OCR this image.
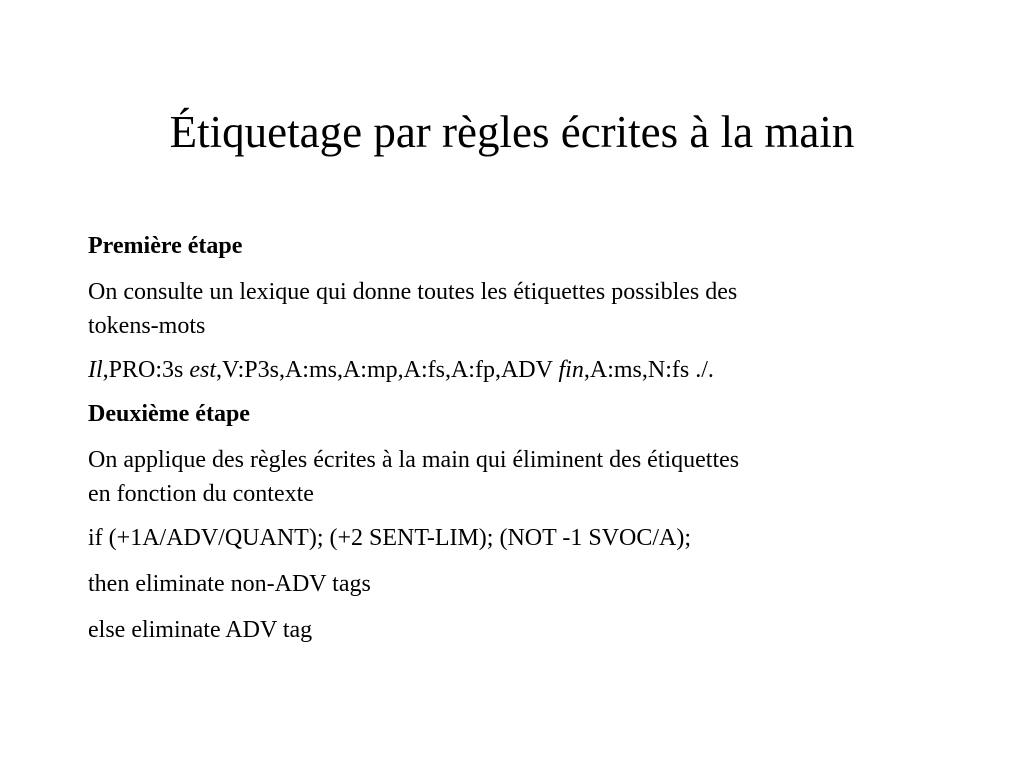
Étiquetage par règles écrites à la main

Première étape

On consulte un lexique qui donne toutes les étiquettes possibles des
tokens-mots

Il,PRO:3s est,V:P3s,A:ms,A:mp,A:fs,A:fp,ADV fin,A:ms,N:fs ./.

Deuxième étape

On applique des règles écrites à la main qui éliminent des étiquettes
en fonction du contexte

if (+1A/ADV/QUANT); (+2 SENT-LIM); (NOT -1 SVOC/A);

then eliminate non-ADV tags

else eliminate ADV tag
